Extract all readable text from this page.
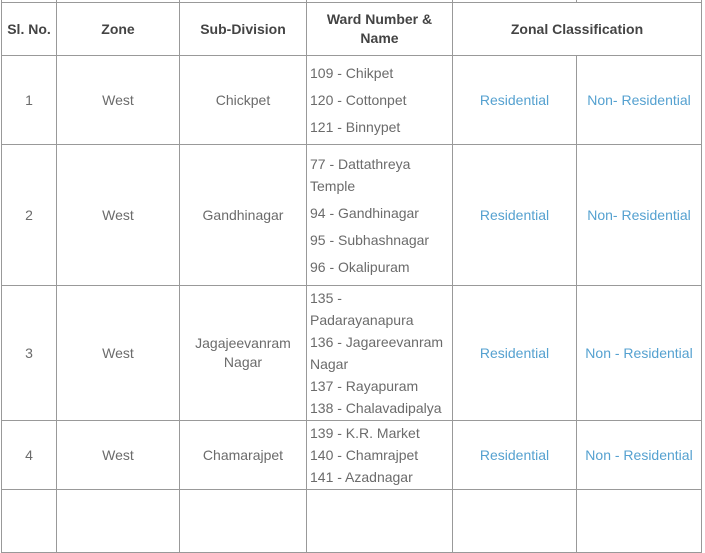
Sl. No.	Zone	Sub-Division	Ward Number & Name	Zonal Classification	
1	West	Chickpet	109 - Chikpet

120 - Cottonpet

121 - Binnypet	Residential	Non- Residential
2	West	Gandhinagar	77 - Dattathreya Temple

94 - Gandhinagar

95 - Subhashnagar

96 - Okalipuram	Residential	Non- Residential
3	West	Jagajeevanram Nagar	135 - Padarayanapura
136 - Jagareevanram Nagar
137 - Rayapuram
138 - Chalavadipalya	Residential	Non - Residential
4	West	Chamarajpet	139 - K.R. Market
140 - Chamrajpet
141 - Azadnagar	Residential	Non - Residential
